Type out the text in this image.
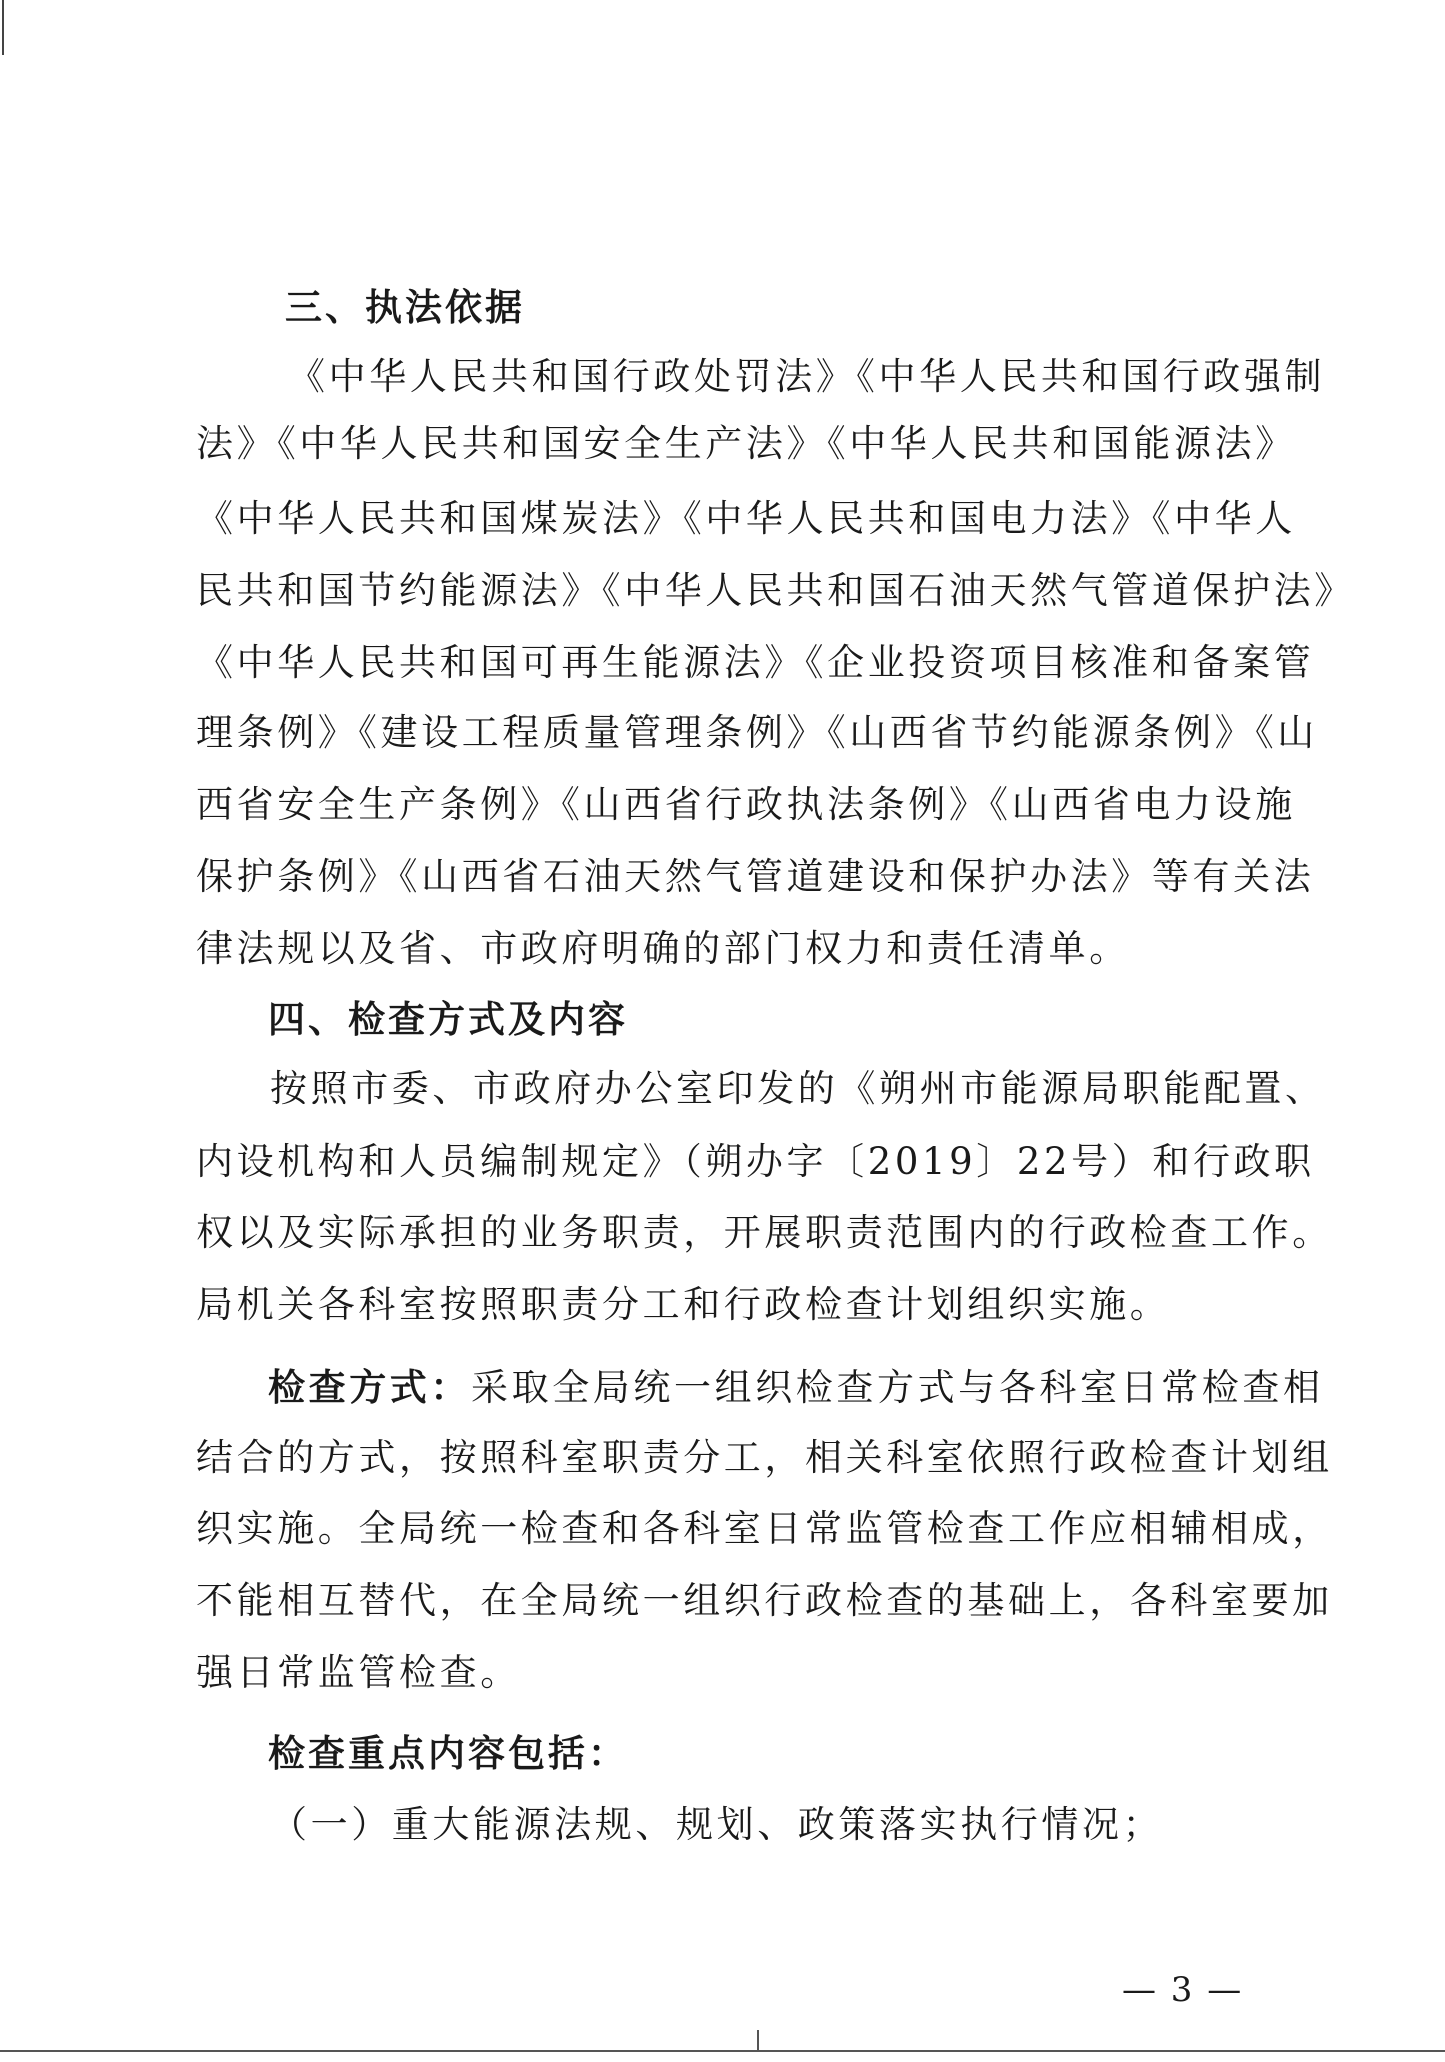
三、执法依据
《中华人民共和国行政处罚法》《中华人民共和国行政强制
法》《中华人民共和国安全生产法》《中华人民共和国能源法》
《中华人民共和国煤炭法》《中华人民共和国电力法》《中华人
民共和国节约能源法》《中华人民共和国石油天然气管道保护法》
《中华人民共和国可再生能源法》《企业投资项目核准和备案管
理条例》《建设工程质量管理条例》《山西省节约能源条例》《山
西省安全生产条例》《山西省行政执法条例》《山西省电力设施
保护条例》《山西省石油天然气管道建设和保护办法》等有关法
律法规以及省、市政府明确的部门权力和责任清单。
四、检查方式及内容
按照市委、市政府办公室印发的《朔州市能源局职能配置、
内设机构和人员编制规定》（朔办字〔2019〕22号）和行政职
权以及实际承担的业务职责，开展职责范围内的行政检查工作。
局机关各科室按照职责分工和行政检查计划组织实施。
检查方式：采取全局统一组织检查方式与各科室日常检查相
结合的方式，按照科室职责分工，相关科室依照行政检查计划组
织实施。全局统一检查和各科室日常监管检查工作应相辅相成，
不能相互替代，在全局统一组织行政检查的基础上，各科室要加
强日常监管检查。
检查重点内容包括：
（一）重大能源法规、规划、政策落实执行情况；
— 3 —
